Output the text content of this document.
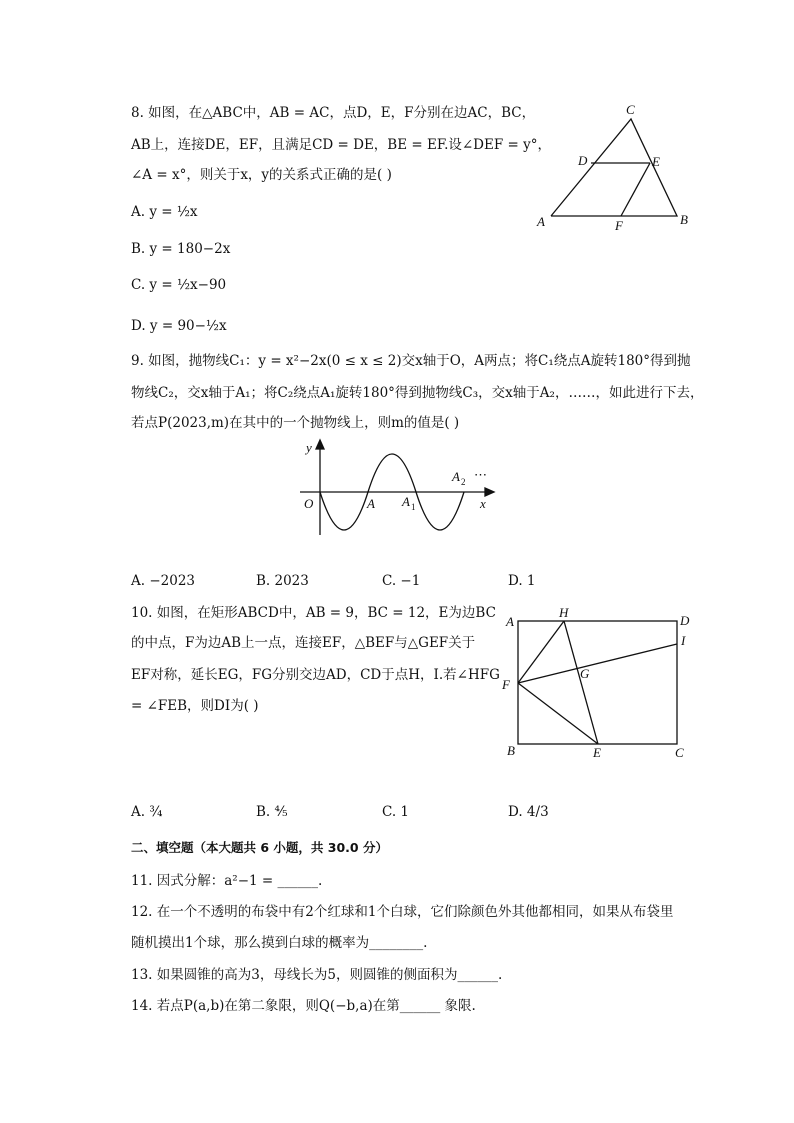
8. 如图，在△ABC中，AB = AC，点D，E，F分别在边AC，BC，
AB上，连接DE，EF，且满足CD = DE，BE = EF.设∠DEF = y°，
∠A = x°，则关于x，y的关系式正确的是( )
A. y = ½x
B. y = 180−2x
C. y = ½x−90
D. y = 90−½x
C
D	E
A	F	B
9. 如图，抛物线C₁：y = x²−2x(0 ≤ x ≤ 2)交x轴于O，A两点；将C₁绕点A旋转180°得到抛
物线C₂，交x轴于A₁；将C₂绕点A₁旋转180°得到抛物线C₃，交x轴于A₂，……，如此进行下去，
若点P(2023,m)在其中的一个抛物线上，则m的值是( )
y
x
O	A A 1
A 2 ⋯
A. −2023	B. 2023	C. −1	D. 1
10. 如图，在矩形ABCD中，AB = 9，BC = 12，E为边BC
的中点，F为边AB上一点，连接EF，△BEF与△GEF关于
EF对称，延长EG，FG分别交边AD，CD于点H，I.若∠HFG
= ∠FEB，则DI为( )
A
H
D
I
G
F
B	E	C
A. ¾	B. ⅘	C. 1	D. 4/3
二、填空题（本大题共 6 小题，共 30.0 分）
11. 因式分解：a²−1 = ______.
12. 在一个不透明的布袋中有2个红球和1个白球，它们除颜色外其他都相同，如果从布袋里
随机摸出1个球，那么摸到白球的概率为________.
13. 如果圆锥的高为3，母线长为5，则圆锥的侧面积为______.
14. 若点P(a,b)在第二象限，则Q(−b,a)在第______ 象限.
